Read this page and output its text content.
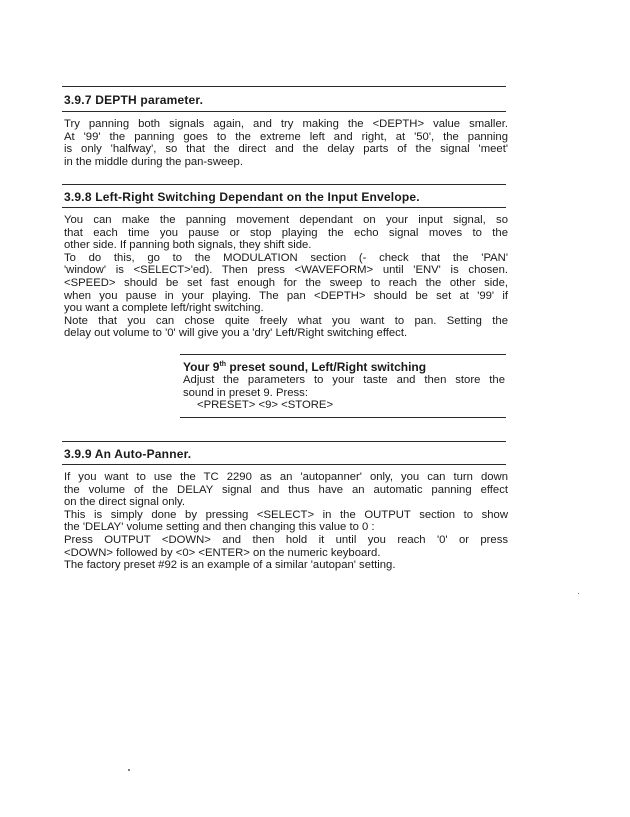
3.9.7 DEPTH parameter.
Try panning both signals again, and try making the <DEPTH> value smaller.
At '99' the panning goes to the extreme left and right, at '50', the panning
is only 'halfway', so that the direct and the delay parts of the signal 'meet'
in the middle during the pan-sweep.
3.9.8 Left-Right Switching Dependant on the Input Envelope.
You can make the panning movement dependant on your input signal, so
that each time you pause or stop playing the echo signal moves to the
other side. If panning both signals, they shift side.
To do this, go to the MODULATION section (- check that the 'PAN'
'window' is <SELECT>'ed). Then press <WAVEFORM> until 'ENV' is chosen.
<SPEED> should be set fast enough for the sweep to reach the other side,
when you pause in your playing. The pan <DEPTH> should be set at '99' if
you want a complete left/right switching.
Note that you can chose quite freely what you want to pan. Setting the
delay out volume to '0' will give you a 'dry' Left/Right switching effect.
Your 9th preset sound, Left/Right switching
Adjust the parameters to your taste and then store the
sound in preset 9. Press:
<PRESET> <9> <STORE>
3.9.9 An Auto-Panner.
If you want to use the TC 2290 as an 'autopanner' only, you can turn down
the volume of the DELAY signal and thus have an automatic panning effect
on the direct signal only.
This is simply done by pressing <SELECT> in the OUTPUT section to show
the 'DELAY' volume setting and then changing this value to 0 :
Press OUTPUT <DOWN> and then hold it until you reach '0' or press
<DOWN> followed by <0> <ENTER> on the numeric keyboard.
The factory preset #92 is an example of a similar 'autopan' setting.
